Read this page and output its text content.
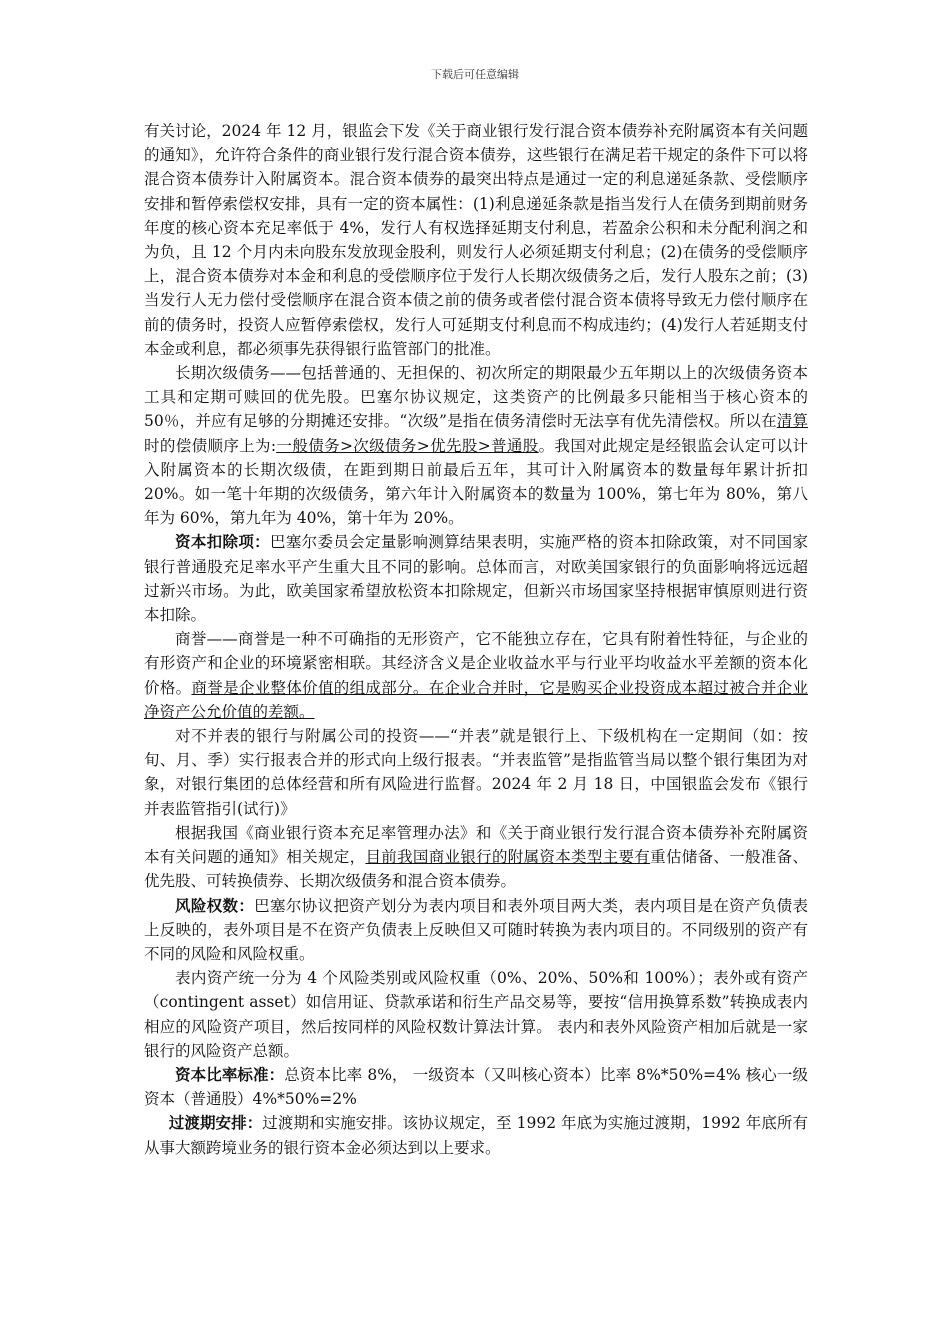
下载后可任意编辑

有关讨论，2024 年 12 月，银监会下发《关于商业银行发行混合资本债券补充附属资本有关问题的通知》，允许符合条件的商业银行发行混合资本债券，这些银行在满足若干规定的条件下可以将混合资本债券计入附属资本。混合资本债券的最突出特点是通过一定的利息递延条款、受偿顺序安排和暂停索偿权安排，具有一定的资本属性：(1)利息递延条款是指当发行人在债务到期前财务年度的核心资本充足率低于 4%，发行人有权选择延期支付利息，若盈余公积和未分配利润之和为负，且 12 个月内未向股东发放现金股利，则发行人必须延期支付利息；(2)在债务的受偿顺序上，混合资本债券对本金和利息的受偿顺序位于发行人长期次级债务之后，发行人股东之前；(3)当发行人无力偿付受偿顺序在混合资本债之前的债务或者偿付混合资本债将导致无力偿付顺序在前的债务时，投资人应暂停索偿权，发行人可延期支付利息而不构成违约；(4)发行人若延期支付本金或利息，都必须事先获得银行监管部门的批准。

长期次级债务——包括普通的、无担保的、初次所定的期限最少五年期以上的次级债务资本工具和定期可赎回的优先股。巴塞尔协议规定，这类资产的比例最多只能相当于核心资本的 50％，并应有足够的分期摊还安排。“次级”是指在债务清偿时无法享有优先清偿权。所以在清算时的偿债顺序上为:一般债务>次级债务>优先股>普通股。我国对此规定是经银监会认定可以计入附属资本的长期次级债，在距到期日前最后五年，其可计入附属资本的数量每年累计折扣 20%。如一笔十年期的次级债务，第六年计入附属资本的数量为 100%，第七年为 80%，第八年为 60%，第九年为 40%，第十年为 20%。

资本扣除项：巴塞尔委员会定量影响测算结果表明，实施严格的资本扣除政策，对不同国家银行普通股充足率水平产生重大且不同的影响。总体而言，对欧美国家银行的负面影响将远远超过新兴市场。为此，欧美国家希望放松资本扣除规定，但新兴市场国家坚持根据审慎原则进行资本扣除。

商誉——商誉是一种不可确指的无形资产，它不能独立存在，它具有附着性特征，与企业的有形资产和企业的环境紧密相联。其经济含义是企业收益水平与行业平均收益水平差额的资本化价格。商誉是企业整体价值的组成部分。在企业合并时，它是购买企业投资成本超过被合并企业净资产公允价值的差额。

对不并表的银行与附属公司的投资——“并表”就是银行上、下级机构在一定期间（如：按旬、月、季）实行报表合并的形式向上级行报表。“并表监管”是指监管当局以整个银行集团为对象，对银行集团的总体经营和所有风险进行监督。2024 年 2 月 18 日，中国银监会发布《银行并表监管指引(试行)》

根据我国《商业银行资本充足率管理办法》和《关于商业银行发行混合资本债券补充附属资本有关问题的通知》相关规定，目前我国商业银行的附属资本类型主要有重估储备、一般准备、优先股、可转换债券、长期次级债务和混合资本债券。

风险权数：巴塞尔协议把资产划分为表内项目和表外项目两大类，表内项目是在资产负债表上反映的，表外项目是不在资产负债表上反映但又可随时转换为表内项目的。不同级别的资产有不同的风险和风险权重。

表内资产统一分为 4 个风险类别或风险权重（0%、20%、50%和 100%）；表外或有资产（contingent asset）如信用证、贷款承诺和衍生产品交易等，要按“信用换算系数”转换成表内相应的风险资产项目，然后按同样的风险权数计算法计算。 表内和表外风险资产相加后就是一家银行的风险资产总额。

资本比率标准：总资本比率 8%， 一级资本（又叫核心资本）比率 8%*50%=4% 核心一级资本（普通股）4%*50%=2%

过渡期安排：过渡期和实施安排。该协议规定，至 1992 年底为实施过渡期，1992 年底所有从事大额跨境业务的银行资本金必须达到以上要求。
